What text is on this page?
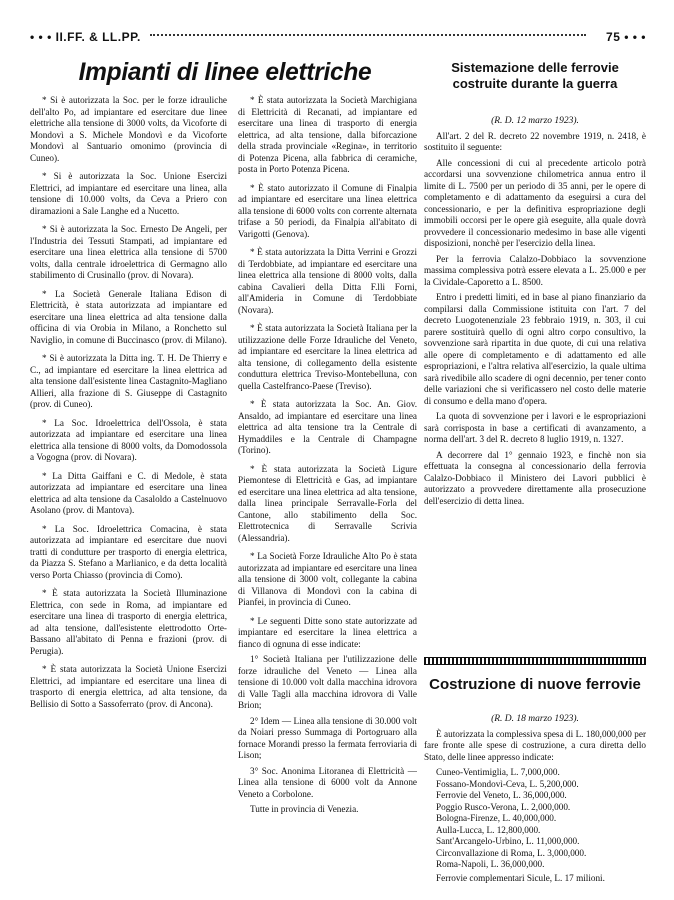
• • • II.FF. & LL.PP.	75 • • •
Impianti di linee elettriche

* Si è autorizzata la Soc. per le forze idrauliche dell'alto Po, ad impiantare ed esercitare due linee elettriche alla tensione di 3000 volts, da Vicoforte di Mondovì a S. Michele Mondovì e da Vicoforte Mondovì al Santuario omonimo (provincia di Cuneo).

* Si è autorizzata la Soc. Unione Esercizi Elettrici, ad impiantare ed esercitare una linea, alla tensione di 10.000 volts, da Ceva a Priero con diramazioni a Sale Langhe ed a Nucetto.

* Si è autorizzata la Soc. Ernesto De Angeli, per l'Industria dei Tessuti Stampati, ad impiantare ed esercitare una linea elettrica alla tensione di 5700 volts, dalla centrale idroelettrica di Germagno allo stabilimento di Crusinallo (prov. di Novara).

* La Società Generale Italiana Edison di Elettricità, è stata autorizzata ad impiantare ed esercitare una linea elettrica ad alta tensione dalla officina di via Orobia in Milano, a Ronchetto sul Naviglio, in comune di Buccinasco (prov. di Milano).

* Si è autorizzata la Ditta ing. T. H. De Thierry e C., ad impiantare ed esercitare la linea elettrica ad alta tensione dall'esistente linea Castagnito-Magliano Allieri, alla frazione di S. Giuseppe di Castagnito (prov. di Cuneo).

* La Soc. Idroelettrica dell'Ossola, è stata autorizzata ad impiantare ed esercitare una linea elettrica alla tensione di 8000 volts, da Domodossola a Vogogna (prov. di Novara).

* La Ditta Gaiffani e C. di Medole, è stata autorizzata ad impiantare ed esercitare una linea elettrica ad alta tensione da Casaloldo a Castelnuovo Asolano (prov. di Mantova).

* La Soc. Idroelettrica Comacina, è stata autorizzata ad impiantare ed esercitare due nuovi tratti di condutture per trasporto di energia elettrica, da Piazza S. Stefano a Marlianico, e da detta località verso Porta Chiasso (provincia di Como).

* È stata autorizzata la Società Illuminazione Elettrica, con sede in Roma, ad impiantare ed esercitare una linea di trasporto di energia elettrica, ad alta tensione, dall'esistente elettrodotto Orte-Bassano all'abitato di Penna e frazioni (prov. di Perugia).

* È stata autorizzata la Società Unione Esercizi Elettrici, ad impiantare ed esercitare una linea di trasporto di energia elettrica, ad alta tensione, da Bellisio di Sotto a Sassoferrato (prov. di Ancona).

* È stata autorizzata la Società Marchigiana di Elettricità di Recanati, ad impiantare ed esercitare una linea di trasporto di energia elettrica, ad alta tensione, dalla biforcazione della strada provinciale «Regina», in territorio di Potenza Picena, alla fabbrica di ceramiche, posta in Porto Potenza Picena.

* È stato autorizzato il Comune di Finalpia ad impiantare ed esercitare una linea elettrica alla tensione di 6000 volts con corrente alternata trifase a 50 periodi, da Finalpia all'abitato di Varigotti (Genova).

* È stata autorizzata la Ditta Verrini e Grozzi di Terdobbiate, ad impiantare ed esercitare una linea elettrica alla tensione di 8000 volts, dalla cabina Cavalieri della Ditta F.lli Forni, all'Amideria in Comune di Terdobbiate (Novara).

* È stata autorizzata la Società Italiana per la utilizzazione delle Forze Idrauliche del Veneto, ad impiantare ed esercitare la linea elettrica ad alta tensione, di collegamento della esistente conduttura elettrica Treviso-Montebelluna, con quella Castelfranco-Paese (Treviso).

* È stata autorizzata la Soc. An. Giov. Ansaldo, ad impiantare ed esercitare una linea elettrica ad alta tensione tra la Centrale di Hymaddiles e la Centrale di Champagne (Torino).

* È stata autorizzata la Società Ligure Piemontese di Elettricità e Gas, ad impiantare ed esercitare una linea elettrica ad alta tensione, dalla linea principale Serravalle-Forla del Cantone, allo stabilimento della Soc. Elettrotecnica di Serravalle Scrivia (Alessandria).

* La Società Forze Idrauliche Alto Po è stata autorizzata ad impiantare ed esercitare una linea alla tensione di 3000 volt, collegante la cabina di Villanova di Mondovì con la cabina di Pianfei, in provincia di Cuneo.

* Le seguenti Ditte sono state autorizzate ad impiantare ed esercitare la linea elettrica a fianco di ognuna di esse indicate:

1° Società Italiana per l'utilizzazione delle forze idrauliche del Veneto — Linea alla tensione di 10.000 volt dalla macchina idrovora di Valle Tagli alla macchina idrovora di Valle Brion;

2° Idem — Linea alla tensione di 30.000 volt da Noiari presso Summaga di Portogruaro alla fornace Morandi presso la fermata ferroviaria di Lison;

3° Soc. Anonima Litoranea di Elettricità — Linea alla tensione di 6000 volt da Annone Veneto a Corbolone.

Tutte in provincia di Venezia.

Sistemazione delle ferrovie costruite durante la guerra
(R. D. 12 marzo 1923).

All'art. 2 del R. decreto 22 novembre 1919, n. 2418, è sostituito il seguente:

Alle concessioni di cui al precedente articolo potrà accordarsi una sovvenzione chilometrica annua entro il limite di L. 7500 per un periodo di 35 anni, per le opere di completamento e di adattamento da eseguirsi a cura del concessionario, e per la definitiva espropriazione degli immobili occorsi per le opere già eseguite, alla quale dovrà provvedere il concessionario medesimo in base alle vigenti disposizioni, nonchè per l'esercizio della linea.

Per la ferrovia Calalzo-Dobbiaco la sovvenzione massima complessiva potrà essere elevata a L. 25.000 e per la Cividale-Caporetto a L. 8500.

Entro i predetti limiti, ed in base al piano finanziario da compilarsi dalla Commissione istituita con l'art. 7 del decreto Luogotenenziale 23 febbraio 1919, n. 303, il cui parere sostituirà quello di ogni altro corpo consultivo, la sovvenzione sarà ripartita in due quote, di cui una relativa alle opere di completamento e di adattamento ed alle espropriazioni, e l'altra relativa all'esercizio, la quale ultima sarà rivedibile allo scadere di ogni decennio, per tener conto delle variazioni che si verificassero nel costo delle materie di consumo e della mano d'opera.

La quota di sovvenzione per i lavori e le espropriazioni sarà corrisposta in base a certificati di avanzamento, a norma dell'art. 3 del R. decreto 8 luglio 1919, n. 1327.

A decorrere dal 1° gennaio 1923, e finchè non sia effettuata la consegna al concessionario della ferrovia Calalzo-Dobbiaco il Ministero dei Lavori pubblici è autorizzato a provvedere direttamente alla prosecuzione dell'esercizio di detta linea.

Costruzione di nuove ferrovie
(R. D. 18 marzo 1923).

È autorizzata la complessiva spesa di L. 180,000,000 per fare fronte alle spese di costruzione, a cura diretta dello Stato, delle linee appresso indicate:

Cuneo-Ventimiglia, L. 7,000,000.
Fossano-Mondovì-Ceva, L. 5,200,000.
Ferrovie del Veneto, L. 36,000,000.
Poggio Rusco-Verona, L. 2,000,000.
Bologna-Firenze, L. 40,000,000.
Aulla-Lucca, L. 12,800,000.
Sant'Arcangelo-Urbino, L. 11,000,000.
Circonvallazione di Roma, L. 3,000,000.
Roma-Napoli, L. 36,000,000.

Ferrovie complementari Sicule, L. 17 milioni.
